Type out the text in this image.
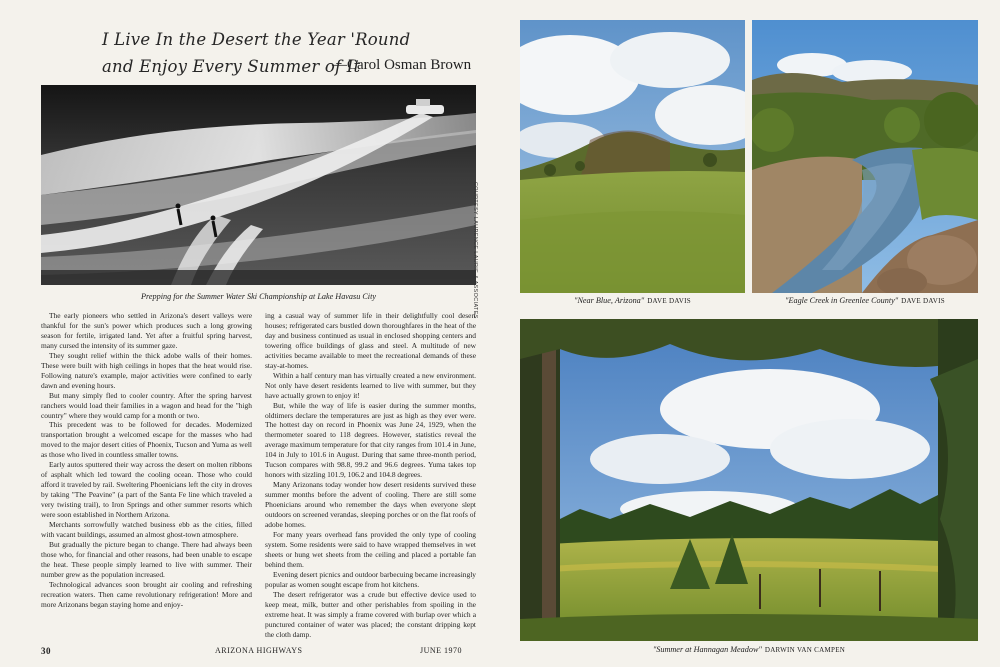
I Live In the Desert the Year 'Round
and Enjoy Every Summer of It
—Carol Osman Brown
COURTESY LAURENCE LAURIE & ASSOCIATES
Prepping for the Summer Water Ski Championship at Lake Havasu City

The early pioneers who settled in Arizona's desert valleys were thankful for the sun's power which produces such a long growing season for fertile, irrigated land. Yet after a fruitful spring harvest, many cursed the intensity of its summer gaze.

They sought relief within the thick adobe walls of their homes. These were built with high ceilings in hopes that the heat would rise. Following nature's example, major activities were confined to early dawn and evening hours.

But many simply fled to cooler country. After the spring harvest ranchers would load their families in a wagon and head for the "high country" where they would camp for a month or two.

This precedent was to be followed for decades. Modernized transportation brought a welcomed escape for the masses who had moved to the major desert cities of Phoenix, Tucson and Yuma as well as those who lived in countless smaller towns.

Early autos sputtered their way across the desert on molten ribbons of asphalt which led toward the cooling ocean. Those who could afford it traveled by rail. Sweltering Phoenicians left the city in droves by taking "The Peavine" (a part of the Santa Fe line which traveled a very twisting trail), to Iron Springs and other summer resorts which were soon established in Northern Arizona.

Merchants sorrowfully watched business ebb as the cities, filled with vacant buildings, assumed an almost ghost-town atmosphere.

But gradually the picture began to change. There had always been those who, for financial and other reasons, had been unable to escape the heat. These people simply learned to live with summer. Their number grew as the population increased.

Technological advances soon brought air cooling and refreshing recreation waters. Then came revolutionary refrigeration! More and more Arizonans began staying home and enjoy-

ing a casual way of summer life in their delightfully cool desert houses; refrigerated cars bustled down thoroughfares in the heat of the day and business continued as usual in enclosed shopping centers and towering office buildings of glass and steel. A multitude of new activities became available to meet the recreational demands of these stay-at-homes.

Within a half century man has virtually created a new environment. Not only have desert residents learned to live with summer, but they have actually grown to enjoy it!

But, while the way of life is easier during the summer months, oldtimers declare the temperatures are just as high as they ever were. The hottest day on record in Phoenix was June 24, 1929, when the thermometer soared to 118 degrees. However, statistics reveal the average maximum temperature for that city ranges from 101.4 in June, 104 in July to 101.6 in August. During that same three-month period, Tucson compares with 98.8, 99.2 and 96.6 degrees. Yuma takes top honors with sizzling 101.9, 106.2 and 104.8 degrees.

Many Arizonans today wonder how desert residents survived these summer months before the advent of cooling. There are still some Phoenicians around who remember the days when everyone slept outdoors on screened verandas, sleeping porches or on the flat roofs of adobe homes.

For many years overhead fans provided the only type of cooling system. Some residents were said to have wrapped themselves in wet sheets or hung wet sheets from the ceiling and placed a portable fan behind them.

Evening desert picnics and outdoor barbecuing became increasingly popular as women sought escape from hot kitchens.

The desert refrigerator was a crude but effective device used to keep meat, milk, butter and other perishables from spoiling in the extreme heat. It was simply a frame covered with burlap over which a punctured container of water was placed; the constant dripping kept the cloth damp.

30	ARIZONA HIGHWAYS	JUNE 1970
"Near Blue, Arizona" DAVE DAVIS	"Eagle Creek in Greenlee County" DAVE DAVIS
"Summer at Hannagan Meadow" DARWIN VAN CAMPEN
